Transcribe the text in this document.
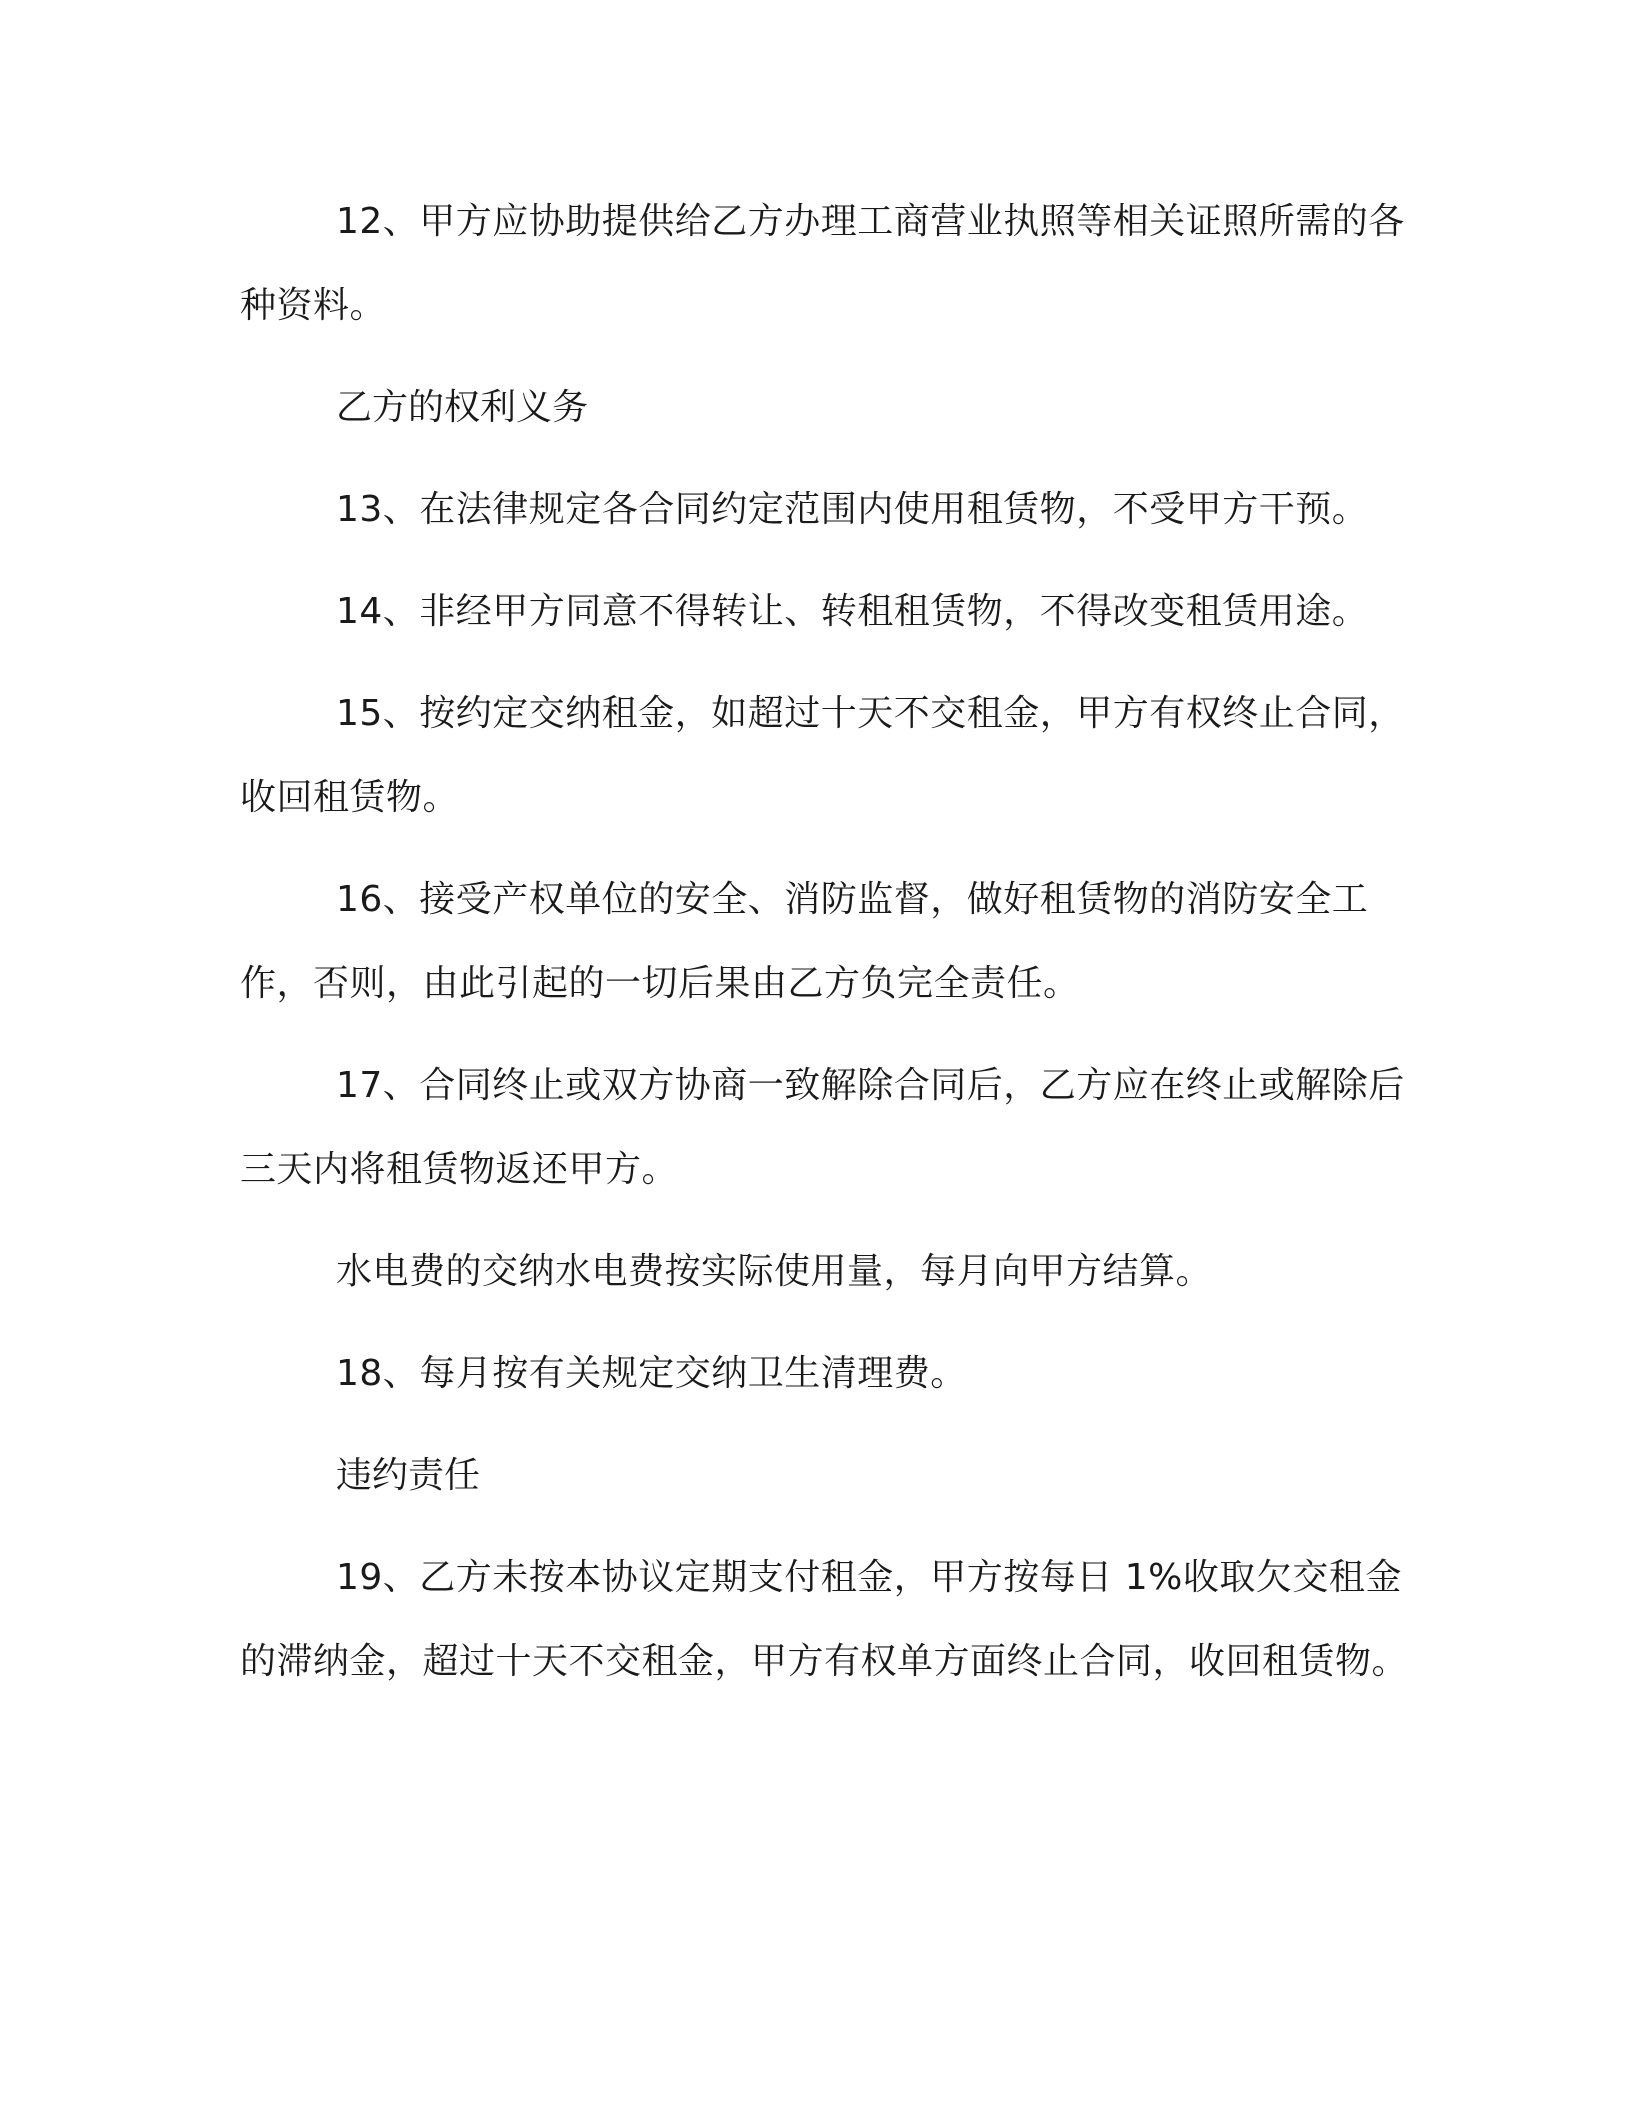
12、甲方应协助提供给乙方办理工商营业执照等相关证照所需的各种资料。

乙方的权利义务

13、在法律规定各合同约定范围内使用租赁物，不受甲方干预。

14、非经甲方同意不得转让、转租租赁物，不得改变租赁用途。

15、按约定交纳租金，如超过十天不交租金，甲方有权终止合同，收回租赁物。

16、接受产权单位的安全、消防监督，做好租赁物的消防安全工作，否则，由此引起的一切后果由乙方负完全责任。

17、合同终止或双方协商一致解除合同后，乙方应在终止或解除后三天内将租赁物返还甲方。

水电费的交纳水电费按实际使用量，每月向甲方结算。

18、每月按有关规定交纳卫生清理费。

违约责任

19、乙方未按本协议定期支付租金，甲方按每日 1%收取欠交租金的滞纳金，超过十天不交租金，甲方有权单方面终止合同，收回租赁物。
